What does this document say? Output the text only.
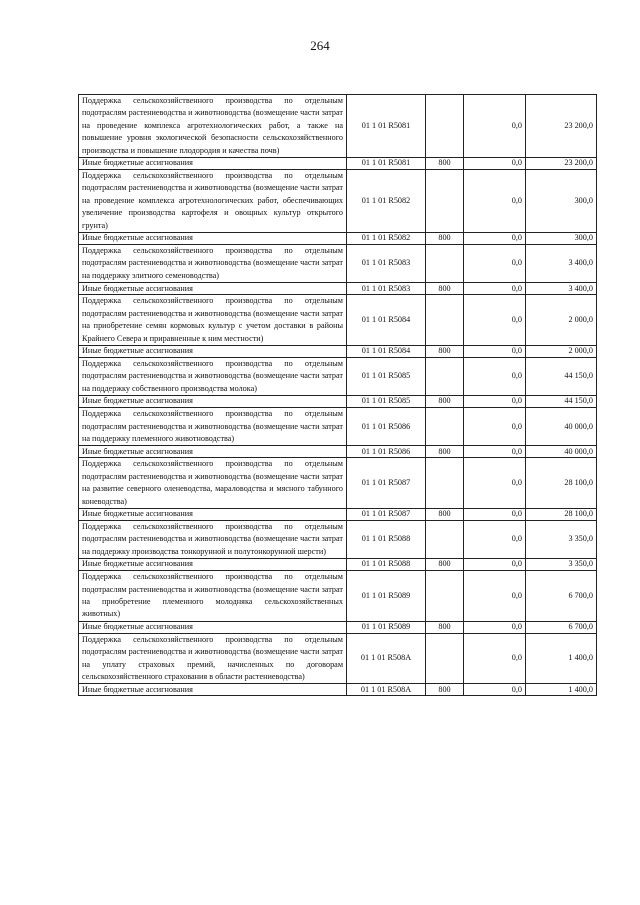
264
Поддержка сельскохозяйственного производства по отдельным подотраслям растениеводства и животноводства (возмещение части затрат на проведение комплекса агротехнологических работ, а также на повышение уровня экологической безопасности сельскохозяйственного производства и повышение плодородия и качества почв)	01 1 01 R5081		0,0	23 200,0
Иные бюджетные ассигнования	01 1 01 R5081	800	0,0	23 200,0
Поддержка сельскохозяйственного производства по отдельным подотраслям растениеводства и животноводства (возмещение части затрат на проведение комплекса агротехнологических работ, обеспечивающих увеличение производства картофеля и овощных культур открытого грунта)	01 1 01 R5082		0,0	300,0
Иные бюджетные ассигнования	01 1 01 R5082	800	0,0	300,0
Поддержка сельскохозяйственного производства по отдельным подотраслям растениеводства и животноводства (возмещение части затрат на поддержку элитного семеноводства)	01 1 01 R5083		0,0	3 400,0
Иные бюджетные ассигнования	01 1 01 R5083	800	0,0	3 400,0
Поддержка сельскохозяйственного производства по отдельным подотраслям растениеводства и животноводства (возмещение части затрат на приобретение семян кормовых культур с учетом доставки в районы Крайнего Севера и приравненные к ним местности)	01 1 01 R5084		0,0	2 000,0
Иные бюджетные ассигнования	01 1 01 R5084	800	0,0	2 000,0
Поддержка сельскохозяйственного производства по отдельным подотраслям растениеводства и животноводства (возмещение части затрат на поддержку собственного производства молока)	01 1 01 R5085		0,0	44 150,0
Иные бюджетные ассигнования	01 1 01 R5085	800	0,0	44 150,0
Поддержка сельскохозяйственного производства по отдельным подотраслям растениеводства и животноводства (возмещение части затрат на поддержку племенного животноводства)	01 1 01 R5086		0,0	40 000,0
Иные бюджетные ассигнования	01 1 01 R5086	800	0,0	40 000,0
Поддержка сельскохозяйственного производства по отдельным подотраслям растениеводства и животноводства (возмещение части затрат на развитие северного оленеводства, мараловодства и мясного табунного коневодства)	01 1 01 R5087		0,0	28 100,0
Иные бюджетные ассигнования	01 1 01 R5087	800	0,0	28 100,0
Поддержка сельскохозяйственного производства по отдельным подотраслям растениеводства и животноводства (возмещение части затрат на поддержку производства тонкорунной и полутонкорунной шерсти)	01 1 01 R5088		0,0	3 350,0
Иные бюджетные ассигнования	01 1 01 R5088	800	0,0	3 350,0
Поддержка сельскохозяйственного производства по отдельным подотраслям растениеводства и животноводства (возмещение части затрат на приобретение племенного молодняка сельскохозяйственных животных)	01 1 01 R5089		0,0	6 700,0
Иные бюджетные ассигнования	01 1 01 R5089	800	0,0	6 700,0
Поддержка сельскохозяйственного производства по отдельным подотраслям растениеводства и животноводства (возмещение части затрат на уплату страховых премий, начисленных по договорам сельскохозяйственного страхования в области растениеводства)	01 1 01 R508A		0,0	1 400,0
Иные бюджетные ассигнования	01 1 01 R508A	800	0,0	1 400,0
